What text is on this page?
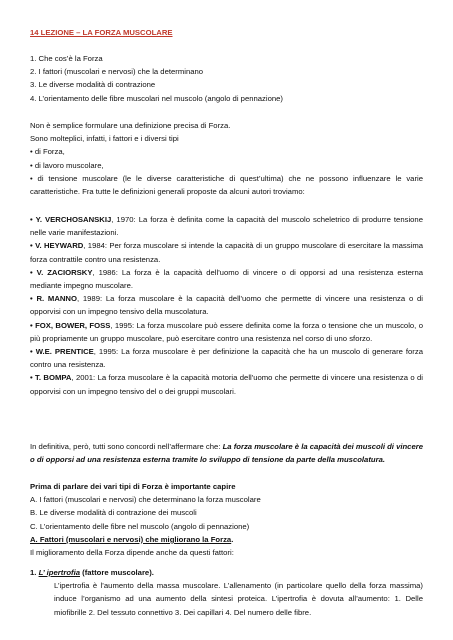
14 LEZIONE – LA FORZA MUSCOLARE

1. Che cos’è la Forza

2. I fattori (muscolari e nervosi) che la determinano

3. Le diverse modalità di contrazione

4. L’orientamento delle fibre muscolari nel muscolo (angolo di pennazione)

Non è semplice formulare una definizione precisa di Forza.

Sono molteplici, infatti, i fattori e i diversi tipi

• di Forza,

• di lavoro muscolare,

• di tensione muscolare (le le diverse caratteristiche di quest’ultima) che ne possono influenzare le varie caratteristiche. Fra tutte le definizioni generali proposte da alcuni autori troviamo:

• Y. VERCHOSANSKIJ, 1970: La forza è definita come la capacità del muscolo scheletrico di produrre tensione nelle varie manifestazioni.

• V. HEYWARD, 1984: Per forza muscolare si intende la capacità di un gruppo muscolare di esercitare la massima forza contrattile contro una resistenza.

• V. ZACIORSKY, 1986: La forza è la capacità dell'uomo di vincere o di opporsi ad una resistenza esterna mediante impegno muscolare.

• R. MANNO, 1989: La forza muscolare è la capacità dell'uomo che permette di vincere una resistenza o di opporvisi con un impegno tensivo della muscolatura.

• FOX, BOWER, FOSS, 1995: La forza muscolare può essere definita come la forza o tensione che un muscolo, o più propriamente un gruppo muscolare, può esercitare contro una resistenza nel corso di uno sforzo.

• W.E. PRENTICE, 1995: La forza muscolare è per definizione la capacità che ha un muscolo di generare forza contro una resistenza.

• T. BOMPA, 2001: La forza muscolare è la capacità motoria dell'uomo che permette di vincere una resistenza o di opporvisi con un impegno tensivo del o dei gruppi muscolari.

In definitiva, però, tutti sono concordi nell’affermare che: La forza muscolare è la capacità dei muscoli di vincere o di opporsi ad una resistenza esterna tramite lo sviluppo di tensione da parte della muscolatura.

Prima di parlare dei vari tipi di Forza è importante capire

A. I fattori (muscolari e nervosi) che determinano la forza muscolare

B. Le diverse modalità di contrazione dei muscoli

C. L’orientamento delle fibre nel muscolo (angolo di pennazione)

A. Fattori (muscolari e nervosi) che migliorano la Forza.

Il miglioramento della Forza dipende anche da questi fattori:

1. L’ ipertrofia (fattore muscolare).

L’ipertrofia è l’aumento della massa muscolare. L’allenamento (in particolare quello della forza massima) induce l’organismo ad una aumento della sintesi proteica. L’ipertrofia è dovuta all’aumento: 1. Delle miofibrille 2. Del tessuto connettivo 3. Dei capillari 4. Del numero delle fibre.
